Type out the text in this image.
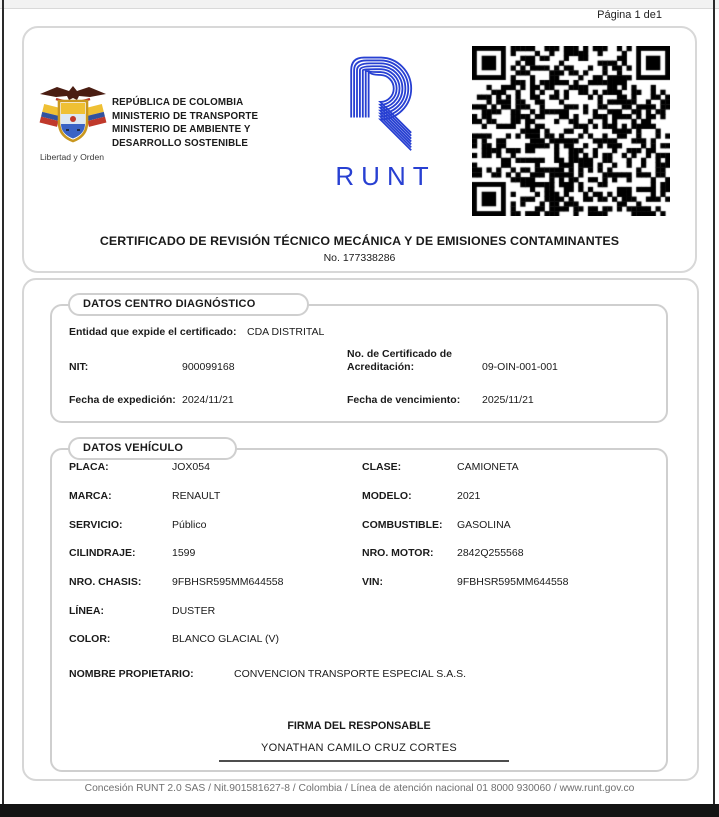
Página 1 de1
Libertad y Orden
REPÚBLICA DE COLOMBIA
MINISTERIO DE TRANSPORTE
MINISTERIO DE AMBIENTE Y
DESARROLLO SOSTENIBLE
RUNT
CERTIFICADO DE REVISIÓN TÉCNICO MECÁNICA Y DE EMISIONES CONTAMINANTES
No. 177338286
DATOS CENTRO DIAGNÓSTICO
Entidad que expide el certificado: CDA DISTRITAL
NIT:	900099168
No. de Certificado de Acreditación:	09-OIN-001-001
Fecha de expedición: 2024/11/21	Fecha de vencimiento: 2025/11/21
DATOS VEHÍCULO
PLACA:	JOX054	CLASE:	CAMIONETA
MARCA:	RENAULT	MODELO:	2021
SERVICIO:	Público	COMBUSTIBLE: GASOLINA
CILINDRAJE:	1599	NRO. MOTOR: 2842Q255568
NRO. CHASIS:	9FBHSR595MM644558	VIN:	9FBHSR595MM644558
LÍNEA:	DUSTER
COLOR:	BLANCO GLACIAL (V)
NOMBRE PROPIETARIO:	CONVENCION TRANSPORTE ESPECIAL S.A.S.
FIRMA DEL RESPONSABLE
YONATHAN CAMILO CRUZ CORTES
Concesión RUNT 2.0 SAS / Nit.901581627-8 / Colombia / Línea de atención nacional 01 8000 930060 / www.runt.gov.co
